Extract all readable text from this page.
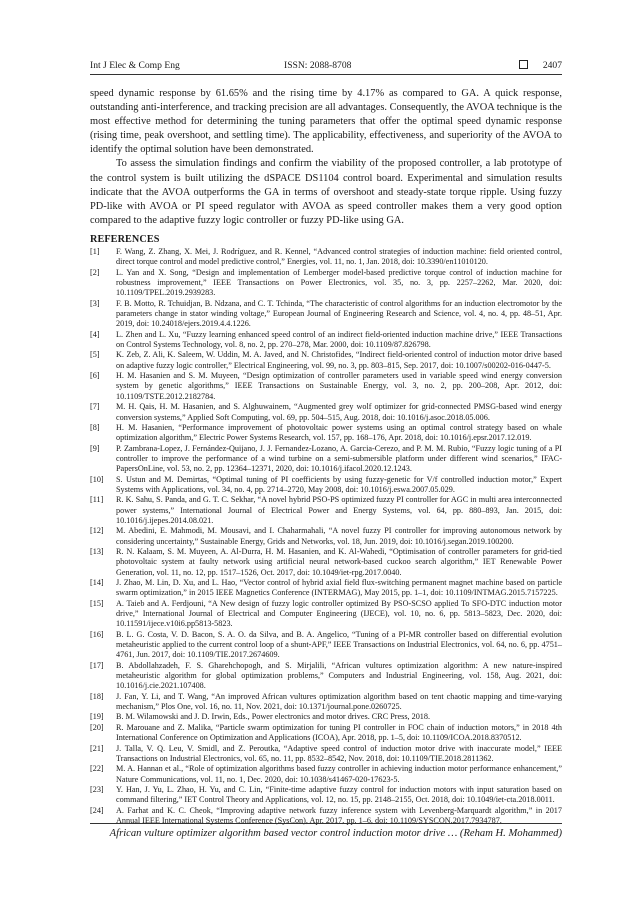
Int J Elec & Comp Eng	ISSN: 2088-8708	2407

speed dynamic response by 61.65% and the rising time by 4.17% as compared to GA. A quick response, outstanding anti-interference, and tracking precision are all advantages. Consequently, the AVOA technique is the most effective method for determining the tuning parameters that offer the optimal speed dynamic response (rising time, peak overshoot, and settling time). The applicability, effectiveness, and superiority of the AVOA to identify the optimal solution have been demonstrated.

To assess the simulation findings and confirm the viability of the proposed controller, a lab prototype of the control system is built utilizing the dSPACE DS1104 control board. Experimental and simulation results indicate that the AVOA outperforms the GA in terms of overshoot and steady-state torque ripple. Using fuzzy PD-like with AVOA or PI speed regulator with AVOA as speed controller makes them a very good option compared to the adaptive fuzzy logic controller or fuzzy PD-like using GA.

REFERENCES

[1] F. Wang, Z. Zhang, X. Mei, J. Rodríguez, and R. Kennel, “Advanced control strategies of induction machine: field oriented control, direct torque control and model predictive control,” Energies, vol. 11, no. 1, Jan. 2018, doi: 10.3390/en11010120.

[2] L. Yan and X. Song, “Design and implementation of Lemberger model-based predictive torque control of induction machine for robustness improvement,” IEEE Transactions on Power Electronics, vol. 35, no. 3, pp. 2257–2262, Mar. 2020, doi: 10.1109/TPEL.2019.2939283.

[3] F. B. Motto, R. Tchuidjan, B. Ndzana, and C. T. Tchinda, “The characteristic of control algorithms for an induction electromotor by the parameters change in stator winding voltage,” European Journal of Engineering Research and Science, vol. 4, no. 4, pp. 48–51, Apr. 2019, doi: 10.24018/ejers.2019.4.4.1226.

[4] L. Zhen and L. Xu, “Fuzzy learning enhanced speed control of an indirect field-oriented induction machine drive,” IEEE Transactions on Control Systems Technology, vol. 8, no. 2, pp. 270–278, Mar. 2000, doi: 10.1109/87.826798.

[5] K. Zeb, Z. Ali, K. Saleem, W. Uddin, M. A. Javed, and N. Christofides, “Indirect field-oriented control of induction motor drive based on adaptive fuzzy logic controller,” Electrical Engineering, vol. 99, no. 3, pp. 803–815, Sep. 2017, doi: 10.1007/s00202-016-0447-5.

[6] H. M. Hasanien and S. M. Muyeen, “Design optimization of controller parameters used in variable speed wind energy conversion system by genetic algorithms,” IEEE Transactions on Sustainable Energy, vol. 3, no. 2, pp. 200–208, Apr. 2012, doi: 10.1109/TSTE.2012.2182784.

[7] M. H. Qais, H. M. Hasanien, and S. Alghuwainem, “Augmented grey wolf optimizer for grid-connected PMSG-based wind energy conversion systems,” Applied Soft Computing, vol. 69, pp. 504–515, Aug. 2018, doi: 10.1016/j.asoc.2018.05.006.

[8] H. M. Hasanien, “Performance improvement of photovoltaic power systems using an optimal control strategy based on whale optimization algorithm,” Electric Power Systems Research, vol. 157, pp. 168–176, Apr. 2018, doi: 10.1016/j.epsr.2017.12.019.

[9] P. Zambrana-Lopez, J. Fernández-Quijano, J. J. Fernandez-Lozano, A. Garcia-Cerezo, and P. M. M. Rubio, “Fuzzy logic tuning of a PI controller to improve the performance of a wind turbine on a semi-submersible platform under different wind scenarios,” IFAC-PapersOnLine, vol. 53, no. 2, pp. 12364–12371, 2020, doi: 10.1016/j.ifacol.2020.12.1243.

[10] S. Ustun and M. Demirtas, “Optimal tuning of PI coefficients by using fuzzy-genetic for V/f controlled induction motor,” Expert Systems with Applications, vol. 34, no. 4, pp. 2714–2720, May 2008, doi: 10.1016/j.eswa.2007.05.029.

[11] R. K. Sahu, S. Panda, and G. T. C. Sekhar, “A novel hybrid PSO-PS optimized fuzzy PI controller for AGC in multi area interconnected power systems,” International Journal of Electrical Power and Energy Systems, vol. 64, pp. 880–893, Jan. 2015, doi: 10.1016/j.ijepes.2014.08.021.

[12] M. Abedini, E. Mahmodi, M. Mousavi, and I. Chaharmahali, “A novel fuzzy PI controller for improving autonomous network by considering uncertainty,” Sustainable Energy, Grids and Networks, vol. 18, Jun. 2019, doi: 10.1016/j.segan.2019.100200.

[13] R. N. Kalaam, S. M. Muyeen, A. Al-Durra, H. M. Hasanien, and K. Al-Wahedi, “Optimisation of controller parameters for grid-tied photovoltaic system at faulty network using artificial neural network-based cuckoo search algorithm,” IET Renewable Power Generation, vol. 11, no. 12, pp. 1517–1526, Oct. 2017, doi: 10.1049/iet-rpg.2017.0040.

[14] J. Zhao, M. Lin, D. Xu, and L. Hao, “Vector control of hybrid axial field flux-switching permanent magnet machine based on particle swarm optimization,” in 2015 IEEE Magnetics Conference (INTERMAG), May 2015, pp. 1–1, doi: 10.1109/INTMAG.2015.7157225.

[15] A. Taieb and A. Ferdjouni, “A New design of fuzzy logic controller optimized By PSO-SCSO applied To SFO-DTC induction motor drive,” International Journal of Electrical and Computer Engineering (IJECE), vol. 10, no. 6, pp. 5813–5823, Dec. 2020, doi: 10.11591/ijece.v10i6.pp5813-5823.

[16] B. L. G. Costa, V. D. Bacon, S. A. O. da Silva, and B. A. Angelico, “Tuning of a PI-MR controller based on differential evolution metaheuristic applied to the current control loop of a shunt-APF,” IEEE Transactions on Industrial Electronics, vol. 64, no. 6, pp. 4751–4761, Jun. 2017, doi: 10.1109/TIE.2017.2674609.

[17] B. Abdollahzadeh, F. S. Gharehchopogh, and S. Mirjalili, “African vultures optimization algorithm: A new nature-inspired metaheuristic algorithm for global optimization problems,” Computers and Industrial Engineering, vol. 158, Aug. 2021, doi: 10.1016/j.cie.2021.107408.

[18] J. Fan, Y. Li, and T. Wang, “An improved African vultures optimization algorithm based on tent chaotic mapping and time-varying mechanism,” Plos One, vol. 16, no. 11, Nov. 2021, doi: 10.1371/journal.pone.0260725.

[19] B. M. Wilamowski and J. D. Irwin, Eds., Power electronics and motor drives. CRC Press, 2018.

[20] R. Marouane and Z. Malika, “Particle swarm optimization for tuning PI controller in FOC chain of induction motors,” in 2018 4th International Conference on Optimization and Applications (ICOA), Apr. 2018, pp. 1–5, doi: 10.1109/ICOA.2018.8370512.

[21] J. Talla, V. Q. Leu, V. Smidl, and Z. Peroutka, “Adaptive speed control of induction motor drive with inaccurate model,” IEEE Transactions on Industrial Electronics, vol. 65, no. 11, pp. 8532–8542, Nov. 2018, doi: 10.1109/TIE.2018.2811362.

[22] M. A. Hannan et al., “Role of optimization algorithms based fuzzy controller in achieving induction motor performance enhancement,” Nature Communications, vol. 11, no. 1, Dec. 2020, doi: 10.1038/s41467-020-17623-5.

[23] Y. Han, J. Yu, L. Zhao, H. Yu, and C. Lin, “Finite-time adaptive fuzzy control for induction motors with input saturation based on command filtering,” IET Control Theory and Applications, vol. 12, no. 15, pp. 2148–2155, Oct. 2018, doi: 10.1049/iet-cta.2018.0011.

[24] A. Farhat and K. C. Cheok, “Improving adaptive network fuzzy inference system with Levenberg-Marquardt algorithm,” in 2017 Annual IEEE International Systems Conference (SysCon), Apr. 2017, pp. 1–6, doi: 10.1109/SYSCON.2017.7934787.

African vulture optimizer algorithm based vector control induction motor drive … (Reham H. Mohammed)
